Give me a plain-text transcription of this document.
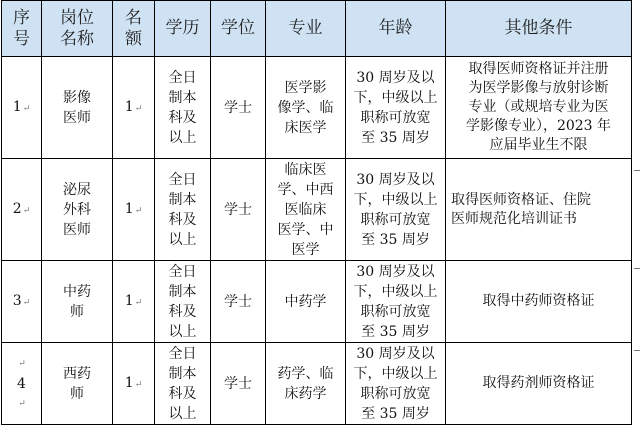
序
号	岗位
名称	名
额	学历	学位	专业	年龄	其他条件
1↵	影像
医师	1↵	全日
制本
科及
以上	学士	医学影
像学、临
床医学	30 周岁及以
下，中级以上
职称可放宽
至 35 周岁	取得医师资格证并注册
为医学影像与放射诊断
专业（或规培专业为医
学影像专业），2023 年
应届毕业生不限

2↵	泌尿
外科
医师	1↵	全日
制本
科及
以上	学士	临床医
学、中西
医临床
医学、中
医学	30 周岁及以
下，中级以上
职称可放宽
至 35 周岁	取得医师资格证、住院
医师规范化培训证书

3↵	中药
师	1↵	全日
制本
科及
以上	学士	中药学	30 周岁及以
下，中级以上
职称可放宽
至 35 周岁	取得中药师资格证

↵
4
↵	西药
师	1↵	全日
制本
科及
以上	学士	药学、临
床药学	30 周岁及以
下，中级以上
职称可放宽
至 35 周岁	取得药剂师资格证
